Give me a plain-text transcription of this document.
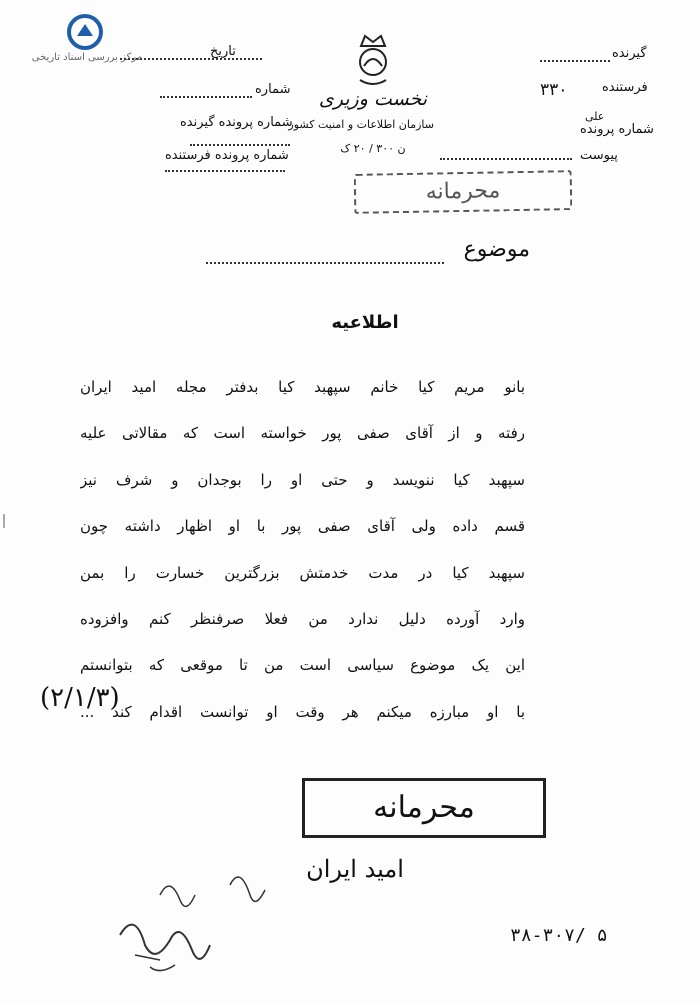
مرکز بررسی اسناد تاریخی	تاریخ
شماره
شماره پرونده گیرنده
شماره پرونده فرستنده
نخست وزیری
سازمان اطلاعات و امنیت کشور
ن ۳۰۰ / ۲۰ ک
گیرنده
فرستنده
۳۳۰
علی
شماره پرونده
پیوست
محرمانه
موضوع
اطلاعیه
بانو مریم کیا خانم سپهبد کیا بدفتر مجله امید ایران
رفته و از آقای صفی پور خواسته است که مقالاتی علیه
سپهبد کیا ننویسد و حتی او را بوجدان و شرف نیز
قسم داده ولی آقای صفی پور با او اظهار داشته چون
سپهبد کیا در مدت خدمتش بزرگترین خسارت را بمن
وارد آورده دلیل ندارد من فعلا صرفنظر کنم وافزوده
این یک موضوع سیاسی است من تا موقعی که بتوانستم
با او مبارزه میکنم هر وقت او توانست اقدام کند ...
(۲/۱/۳)
محرمانه
امید ایران
۳۸-۳۰۷/ ۵
